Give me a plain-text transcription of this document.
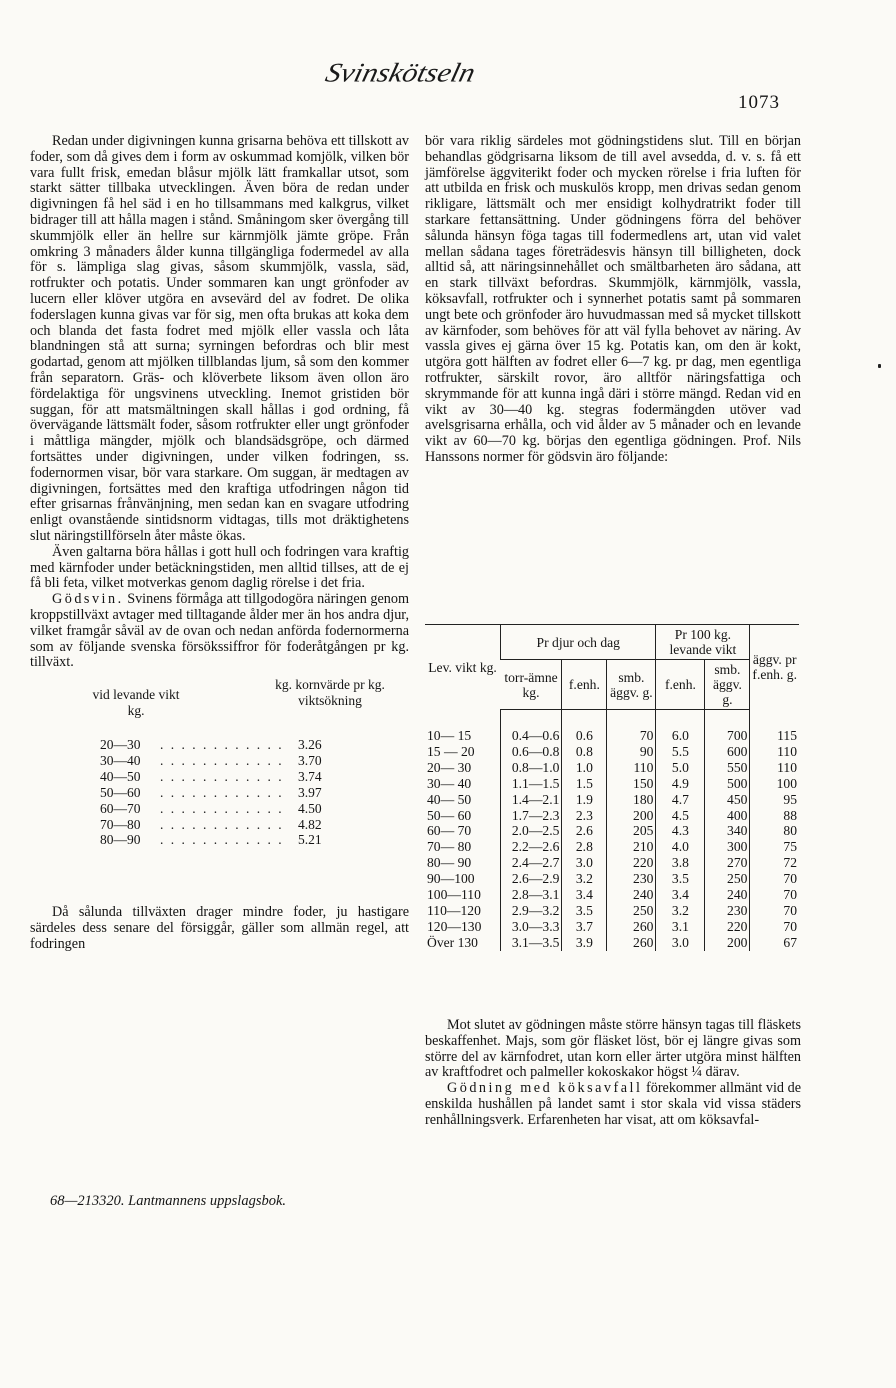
Svinskötseln
1073

Redan under digivningen kunna grisarna behöva ett tillskott av foder, som då gives dem i form av oskummad komjölk, vilken bör vara fullt frisk, emedan blåsur mjölk lätt framkallar utsot, som starkt sätter tillbaka utvecklingen. Även böra de redan under digivningen få hel säd i en ho tillsammans med kalkgrus, vilket bidrager till att hålla magen i stånd. Småningom sker övergång till skummjölk eller än hellre sur kärnmjölk jämte gröpe. Från omkring 3 månaders ålder kunna tillgängliga fodermedel av alla för s. lämpliga slag givas, såsom skummjölk, vassla, säd, rotfrukter och potatis. Under sommaren kan ungt grönfoder av lucern eller klöver utgöra en avsevärd del av fodret. De olika foderslagen kunna givas var för sig, men ofta brukas att koka dem och blanda det fasta fodret med mjölk eller vassla och låta blandningen stå att surna; syrningen befordras och blir mest godartad, genom att mjölken tillblandas ljum, så som den kommer från separatorn. Gräs- och klöverbete liksom även ollon äro fördelaktiga för ungsvinens utveckling. Inemot gristiden bör suggan, för att matsmältningen skall hållas i god ordning, få övervägande lättsmält foder, såsom rotfrukter eller ungt grönfoder i måttliga mängder, mjölk och blandsädsgröpe, och därmed fortsättes under digivningen, under vilken fodringen, ss. fodernormen visar, bör vara starkare. Om suggan, är medtagen av digivningen, fortsättes med den kraftiga utfodringen någon tid efter grisarnas frånvänjning, men sedan kan en svagare utfodring enligt ovanstående sintidsnorm vidtagas, tills mot dräktighetens slut näringstillförseln åter måste ökas.

Även galtarna böra hållas i gott hull och fodringen vara kraftig med kärnfoder under betäckningstiden, men alltid tillses, att de ej få bli feta, vilket motverkas genom daglig rörelse i det fria.

Gödsvin. Svinens förmåga att tillgodogöra näringen genom kroppstillväxt avtager med tilltagande ålder mer än hos andra djur, vilket framgår såväl av de ovan och nedan anförda fodernormerna som av följande svenska försökssiffror för foderåtgången pr kg. tillväxt.

vid levande vikt kg.
kg. kornvärde pr kg. viktsökning
20—30 . . . . . . . . . . . .	3.26
30—40 . . . . . . . . . . . .	3.70
40—50 . . . . . . . . . . . .	3.74
50—60 . . . . . . . . . . . .	3.97
60—70 . . . . . . . . . . . .	4.50
70—80 . . . . . . . . . . . .	4.82
80—90 . . . . . . . . . . . .	5.21

Då sålunda tillväxten drager mindre foder, ju hastigare särdeles dess senare del försiggår, gäller som allmän regel, att fodringen

68—213320. Lantmannens uppslagsbok.

bör vara riklig särdeles mot gödningstidens slut. Till en början behandlas gödgrisarna liksom de till avel avsedda, d. v. s. få ett jämförelse äggviterikt foder och mycken rörelse i fria luften för att utbilda en frisk och muskulös kropp, men drivas sedan genom rikligare, lättsmält och mer ensidigt kolhydratrikt foder till starkare fettansättning. Under gödningens förra del behöver sålunda hänsyn föga tagas till fodermedlens art, utan vid valet mellan sådana tages företrädesvis hänsyn till billigheten, dock alltid så, att näringsinnehållet och smältbarheten äro sådana, att en stark tillväxt befordras. Skummjölk, kärnmjölk, vassla, köksavfall, rotfrukter och i synnerhet potatis samt på sommaren ungt bete och grönfoder äro huvudmassan med så mycket tillskott av kärnfoder, som behöves för att väl fylla behovet av näring. Av vassla gives ej gärna över 15 kg. Potatis kan, om den är kokt, utgöra gott hälften av fodret eller 6—7 kg. pr dag, men egentliga rotfrukter, särskilt rovor, äro alltför näringsfattiga och skrymmande för att kunna ingå däri i större mängd. Redan vid en vikt av 30—40 kg. stegras fodermängden utöver vad avelsgrisarna erhålla, och vid ålder av 5 månader och en levande vikt av 60—70 kg. börjas den egentliga gödningen. Prof. Nils Hanssons normer för gödsvin äro följande:

Lev. vikt kg.	Pr djur och dag			Pr 100 kg. levande vikt		äggv. pr f.enh. g.
	torr-ämne kg.	f.enh.	smb. äggv. g.	f.enh.	smb. äggv. g.	

10— 15	0.4—0.6	0.6	70	6.0	700	115
15 — 20	0.6—0.8	0.8	90	5.5	600	110
20— 30	0.8—1.0	1.0	110	5.0	550	110
30— 40	1.1—1.5	1.5	150	4.9	500	100
40— 50	1.4—2.1	1.9	180	4.7	450	95
50— 60	1.7—2.3	2.3	200	4.5	400	88
60— 70	2.0—2.5	2.6	205	4.3	340	80
70— 80	2.2—2.6	2.8	210	4.0	300	75
80— 90	2.4—2.7	3.0	220	3.8	270	72
90—100	2.6—2.9	3.2	230	3.5	250	70
100—110	2.8—3.1	3.4	240	3.4	240	70
110—120	2.9—3.2	3.5	250	3.2	230	70
120—130	3.0—3.3	3.7	260	3.1	220	70
Över 130	3.1—3.5	3.9	260	3.0	200	67

Mot slutet av gödningen måste större hänsyn tagas till fläskets beskaffenhet. Majs, som gör fläsket löst, bör ej längre givas som större del av kärnfodret, utan korn eller ärter utgöra minst hälften av kraftfodret och palmeller kokoskakor högst ¼ därav.

Gödning med köksavfall förekommer allmänt vid de enskilda hushållen på landet samt i stor skala vid vissa städers renhållningsverk. Erfarenheten har visat, att om köksavfal-
